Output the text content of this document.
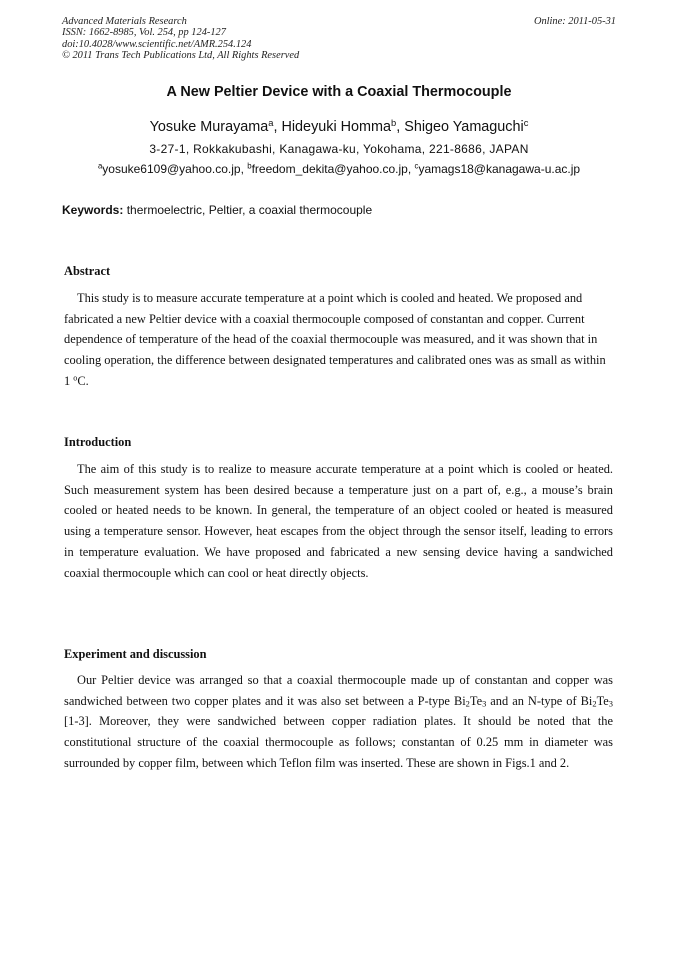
Advanced Materials Research
ISSN: 1662-8985, Vol. 254, pp 124-127
doi:10.4028/www.scientific.net/AMR.254.124
© 2011 Trans Tech Publications Ltd, All Rights Reserved
Online: 2011-05-31
A New Peltier Device with a Coaxial Thermocouple
Yosuke Murayama$^a$, Hideyuki Homma$^b$, Shigeo Yamaguchi$^c$
3-27-1, Rokkakubashi, Kanagawa-ku, Yokohama, 221-8686, JAPAN
$^a$yosuke6109@yahoo.co.jp, $^b$freedom_dekita@yahoo.co.jp, $^c$yamags18@kanagawa-u.ac.jp
Keywords: thermoelectric, Peltier, a coaxial thermocouple
Abstract
This study is to measure accurate temperature at a point which is cooled and heated. We proposed and fabricated a new Peltier device with a coaxial thermocouple composed of constantan and copper. Current dependence of temperature of the head of the coaxial thermocouple was measured, and it was shown that in cooling operation, the difference between designated temperatures and calibrated ones was as small as within 1 $^o$C.
Introduction
The aim of this study is to realize to measure accurate temperature at a point which is cooled or heated. Such measurement system has been desired because a temperature just on a part of, e.g., a mouse’s brain cooled or heated needs to be known. In general, the temperature of an object cooled or heated is measured using a temperature sensor. However, heat escapes from the object through the sensor itself, leading to errors in temperature evaluation. We have proposed and fabricated a new sensing device having a sandwiched coaxial thermocouple which can cool or heat directly objects.
Experiment and discussion
Our Peltier device was arranged so that a coaxial thermocouple made up of constantan and copper was sandwiched between two copper plates and it was also set between a P-type $Bi_2Te_3$ and an N-type of $Bi_2Te_3$ [1-3]. Moreover, they were sandwiched between copper radiation plates. It should be noted that the constitutional structure of the coaxial thermocouple as follows; constantan of 0.25 mm in diameter was surrounded by copper film, between which Teflon film was inserted. These are shown in Figs.1 and 2.
